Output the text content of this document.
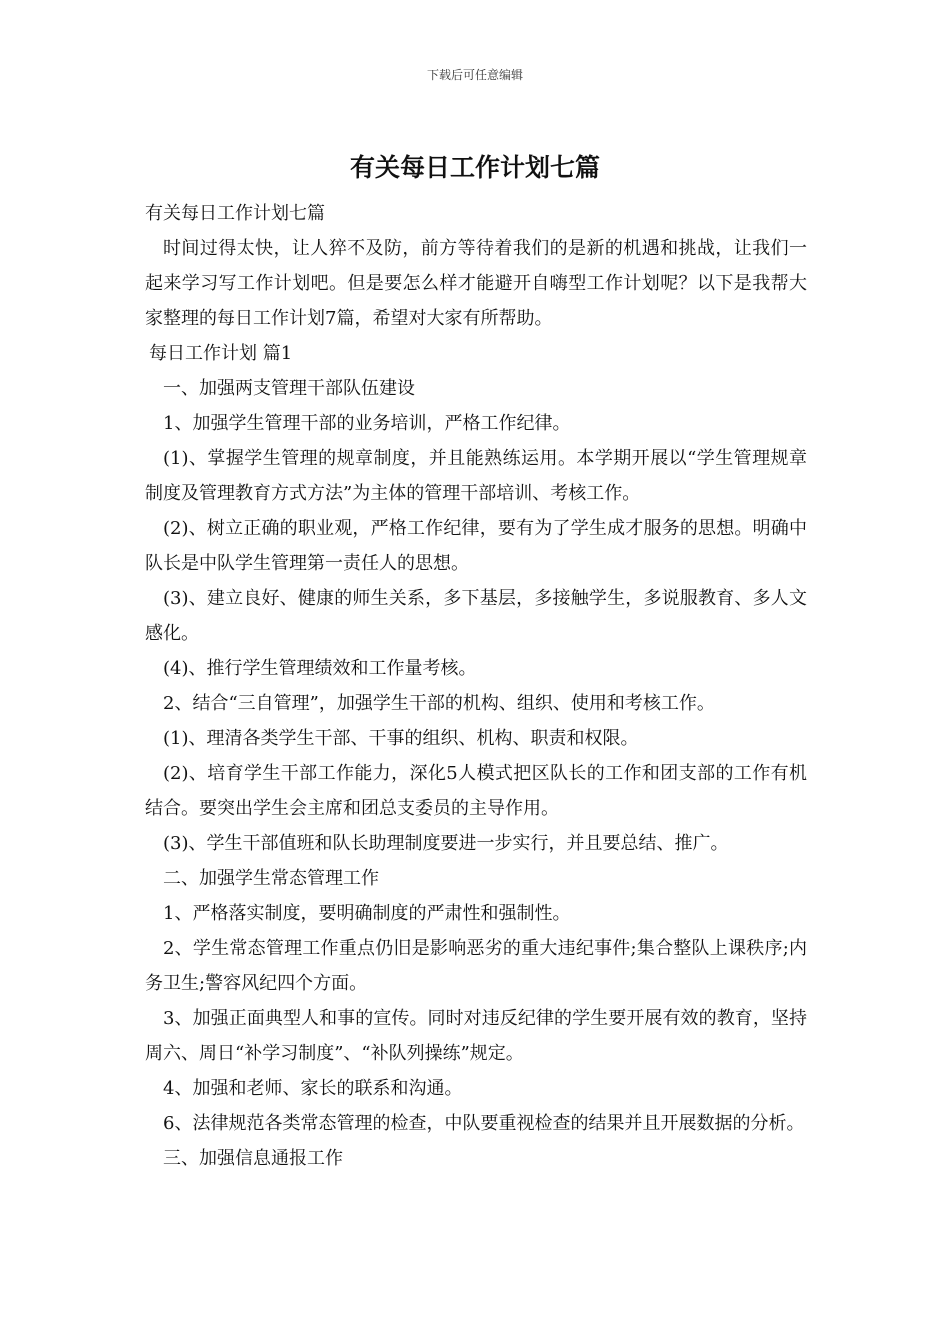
下载后可任意编辑
有关每日工作计划七篇

有关每日工作计划七篇

时间过得太快，让人猝不及防，前方等待着我们的是新的机遇和挑战，让我们一起来学习写工作计划吧。但是要怎么样才能避开自嗨型工作计划呢？以下是我帮大家整理的每日工作计划7篇，希望对大家有所帮助。

每日工作计划 篇1

一、加强两支管理干部队伍建设

1、加强学生管理干部的业务培训，严格工作纪律。

(1)、掌握学生管理的规章制度，并且能熟练运用。本学期开展以“学生管理规章制度及管理教育方式方法”为主体的管理干部培训、考核工作。

(2)、树立正确的职业观，严格工作纪律，要有为了学生成才服务的思想。明确中队长是中队学生管理第一责任人的思想。

(3)、建立良好、健康的师生关系，多下基层，多接触学生，多说服教育、多人文感化。

(4)、推行学生管理绩效和工作量考核。

2、结合“三自管理”，加强学生干部的机构、组织、使用和考核工作。

(1)、理清各类学生干部、干事的组织、机构、职责和权限。

(2)、培育学生干部工作能力，深化5人模式把区队长的工作和团支部的工作有机结合。要突出学生会主席和团总支委员的主导作用。

(3)、学生干部值班和队长助理制度要进一步实行，并且要总结、推广。

二、加强学生常态管理工作

1、严格落实制度，要明确制度的严肃性和强制性。

2、学生常态管理工作重点仍旧是影响恶劣的重大违纪事件;集合整队上课秩序;内务卫生;警容风纪四个方面。

3、加强正面典型人和事的宣传。同时对违反纪律的学生要开展有效的教育，坚持周六、周日“补学习制度”、“补队列操练”规定。

4、加强和老师、家长的联系和沟通。

6、法律规范各类常态管理的检查，中队要重视检查的结果并且开展数据的分析。

三、加强信息通报工作
